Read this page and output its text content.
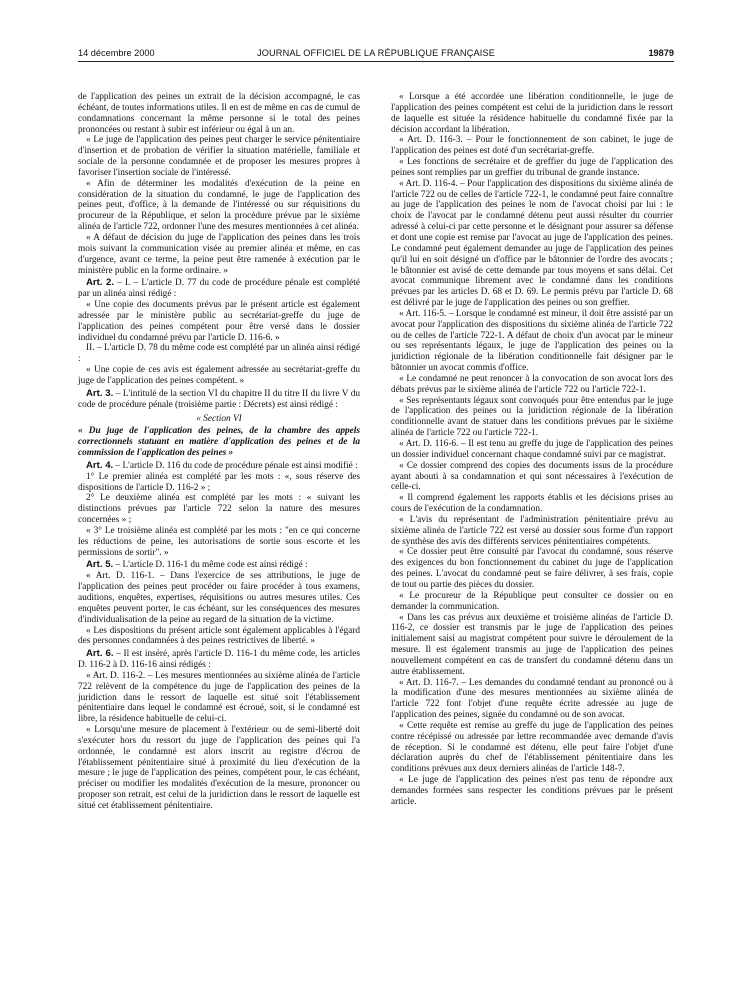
14 décembre 2000	JOURNAL OFFICIEL DE LA RÉPUBLIQUE FRANÇAISE	19879

de l'application des peines un extrait de la décision accompagné, le cas échéant, de toutes informations utiles. Il en est de même en cas de cumul de condamnations concernant la même personne si le total des peines prononcées ou restant à subir est inférieur ou égal à un an.

« Le juge de l'application des peines peut charger le service pénitentiaire d'insertion et de probation de vérifier la situation matérielle, familiale et sociale de la personne condamnée et de proposer les mesures propres à favoriser l'insertion sociale de l'intéressé.

« Afin de déterminer les modalités d'exécution de la peine en considération de la situation du condamné, le juge de l'application des peines peut, d'office, à la demande de l'intéressé ou sur réquisitions du procureur de la République, et selon la procédure prévue par le sixième alinéa de l'article 722, ordonner l'une des mesures mentionnées à cet alinéa.

« A défaut de décision du juge de l'application des peines dans les trois mois suivant la communication visée au premier alinéa et même, en cas d'urgence, avant ce terme, la peine peut être ramenée à exécution par le ministère public en la forme ordinaire. »

Art. 2. – I. – L'article D. 77 du code de procédure pénale est complété par un alinéa ainsi rédigé :

« Une copie des documents prévus par le présent article est également adressée par le ministère public au secrétariat-greffe du juge de l'application des peines compétent pour être versé dans le dossier individuel du condamné prévu par l'article D. 116-6. »

II. – L'article D. 78 du même code est complété par un alinéa ainsi rédigé :

« Une copie de ces avis est également adressée au secrétariat-greffe du juge de l'application des peines compétent. »

Art. 3. – L'intitulé de la section VI du chapitre II du titre II du livre V du code de procédure pénale (troisième partie : Décrets) est ainsi rédigé :

« Section VI

« Du juge de l'application des peines, de la chambre des appels correctionnels statuant en matière d'application des peines et de la commission de l'application des peines »

Art. 4. – L'article D. 116 du code de procédure pénale est ainsi modifié :

1° Le premier alinéa est complété par les mots : «, sous réserve des dispositions de l'article D. 116-2 » ;

2° Le deuxième alinéa est complété par les mots : « suivant les distinctions prévues par l'article 722 selon la nature des mesures concernées » ;

« 3° Le troisième alinéa est complété par les mots : "en ce qui concerne les réductions de peine, les autorisations de sortie sous escorte et les permissions de sortir". »

Art. 5. – L'article D. 116-1 du même code est ainsi rédigé :

« Art. D. 116-1. – Dans l'exercice de ses attributions, le juge de l'application des peines peut procéder ou faire procéder à tous examens, auditions, enquêtes, expertises, réquisitions ou autres mesures utiles. Ces enquêtes peuvent porter, le cas échéant, sur les conséquences des mesures d'individualisation de la peine au regard de la situation de la victime.

« Les dispositions du présent article sont également applicables à l'égard des personnes condamnées à des peines restrictives de liberté. »

Art. 6. – Il est inséré, après l'article D. 116-1 du même code, les articles D. 116-2 à D. 116-16 ainsi rédigés :

« Art. D. 116-2. – Les mesures mentionnées au sixième alinéa de l'article 722 relèvent de la compétence du juge de l'application des peines de la juridiction dans le ressort de laquelle est situé soit l'établissement pénitentiaire dans lequel le condamné est écroué, soit, si le condamné est libre, la résidence habituelle de celui-ci.

« Lorsqu'une mesure de placement à l'extérieur ou de semi-liberté doit s'exécuter hors du ressort du juge de l'application des peines qui l'a ordonnée, le condamné est alors inscrit au registre d'écrou de l'établissement pénitentiaire situé à proximité du lieu d'exécution de la mesure ; le juge de l'application des peines, compétent pour, le cas échéant, préciser ou modifier les modalités d'exécution de la mesure, prononcer ou proposer son retrait, est celui de la juridiction dans le ressort de laquelle est situé cet établissement pénitentiaire.

« Lorsque a été accordée une libération conditionnelle, le juge de l'application des peines compétent est celui de la juridiction dans le ressort de laquelle est située la résidence habituelle du condamné fixée par la décision accordant la libération.

« Art. D. 116-3. – Pour le fonctionnement de son cabinet, le juge de l'application des peines est doté d'un secrétariat-greffe.

« Les fonctions de secrétaire et de greffier du juge de l'application des peines sont remplies par un greffier du tribunal de grande instance.

« Art. D. 116-4. – Pour l'application des dispositions du sixième alinéa de l'article 722 ou de celles de l'article 722-1, le condamné peut faire connaître au juge de l'application des peines le nom de l'avocat choisi par lui : le choix de l'avocat par le condamné détenu peut aussi résulter du courrier adressé à celui-ci par cette personne et le désignant pour assurer sa défense et dont une copie est remise par l'avocat au juge de l'application des peines. Le condamné peut également demander au juge de l'application des peines qu'il lui en soit désigné un d'office par le bâtonnier de l'ordre des avocats ; le bâtonnier est avisé de cette demande par tous moyens et sans délai. Cet avocat communique librement avec le condamné dans les conditions prévues par les articles D. 68 et D. 69. Le permis prévu par l'article D. 68 est délivré par le juge de l'application des peines ou son greffier.

« Art. 116-5. – Lorsque le condamné est mineur, il doit être assisté par un avocat pour l'application des dispositions du sixième alinéa de l'article 722 ou de celles de l'article 722-1. A défaut de choix d'un avocat par le mineur ou ses représentants légaux, le juge de l'application des peines ou la juridiction régionale de la libération conditionnelle fait désigner par le bâtonnier un avocat commis d'office.

« Le condamné ne peut renoncer à la convocation de son avocat lors des débats prévus par le sixième alinéa de l'article 722 ou l'article 722-1.

« Ses représentants légaux sont convoqués pour être entendus par le juge de l'application des peines ou la juridiction régionale de la libération conditionnelle avant de statuer dans les conditions prévues par le sixième alinéa de l'article 722 ou l'article 722-1.

« Art. D. 116-6. – Il est tenu au greffe du juge de l'application des peines un dossier individuel concernant chaque condamné suivi par ce magistrat.

« Ce dossier comprend des copies des documents issus de la procédure ayant abouti à sa condamnation et qui sont nécessaires à l'exécution de celle-ci.

« Il comprend également les rapports établis et les décisions prises au cours de l'exécution de la condamnation.

« L'avis du représentant de l'administration pénitentiaire prévu au sixième alinéa de l'article 722 est versé au dossier sous forme d'un rapport de synthèse des avis des différents services pénitentiaires compétents.

« Ce dossier peut être consulté par l'avocat du condamné, sous réserve des exigences du bon fonctionnement du cabinet du juge de l'application des peines. L'avocat du condamné peut se faire délivrer, à ses frais, copie de tout ou partie des pièces du dossier.

« Le procureur de la République peut consulter ce dossier ou en demander la communication.

« Dans les cas prévus aux deuxième et troisième alinéas de l'article D. 116-2, ce dossier est transmis par le juge de l'application des peines initialement saisi au magistrat compétent pour suivre le déroulement de la mesure. Il est également transmis au juge de l'application des peines nouvellement compétent en cas de transfert du condamné détenu dans un autre établissement.

« Art. D. 116-7. – Les demandes du condamné tendant au prononcé ou à la modification d'une des mesures mentionnées au sixième alinéa de l'article 722 font l'objet d'une requête écrite adressée au juge de l'application des peines, signée du condamné ou de son avocat.

« Cette requête est remise au greffe du juge de l'application des peines contre récépissé ou adressée par lettre recommandée avec demande d'avis de réception. Si le condamné est détenu, elle peut faire l'objet d'une déclaration auprès du chef de l'établissement pénitentiaire dans les conditions prévues aux deux derniers alinéas de l'article 148-7.

« Le juge de l'application des peines n'est pas tenu de répondre aux demandes formées sans respecter les conditions prévues par le présent article.
